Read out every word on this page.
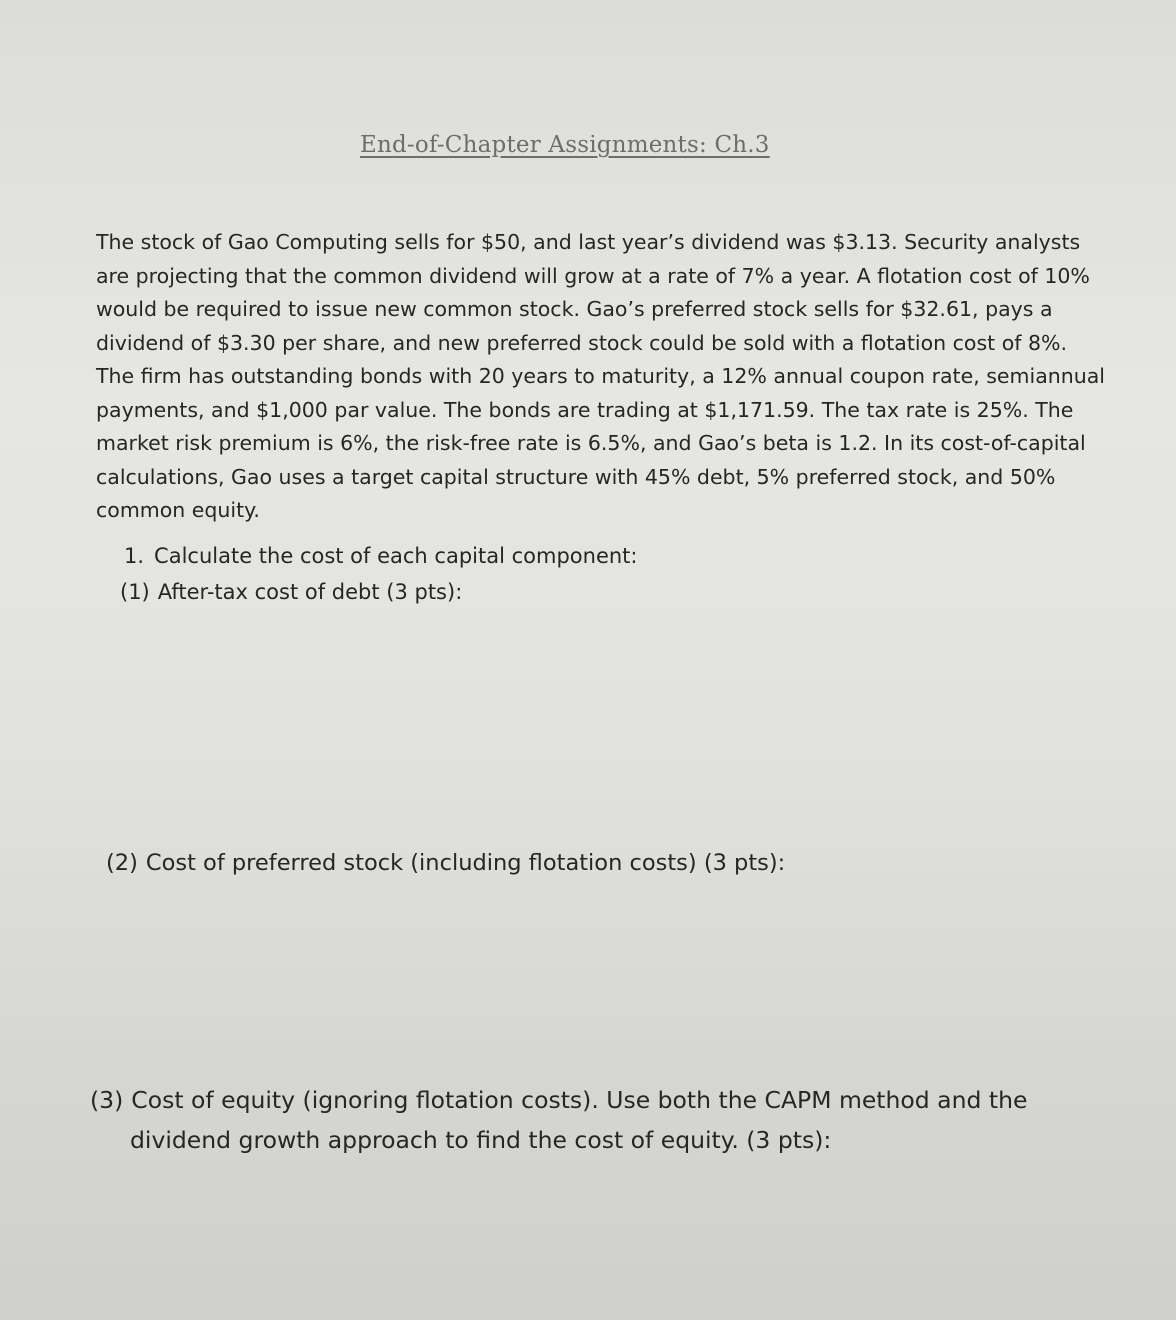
End-of-Chapter Assignments: Ch.3

The stock of Gao Computing sells for $50, and last year’s dividend was $3.13. Security analysts are projecting that the common dividend will grow at a rate of 7% a year. A flotation cost of 10% would be required to issue new common stock. Gao’s preferred stock sells for $32.61, pays a dividend of $3.30 per share, and new preferred stock could be sold with a flotation cost of 8%. The firm has outstanding bonds with 20 years to maturity, a 12% annual coupon rate, semiannual payments, and $1,000 par value. The bonds are trading at $1,171.59. The tax rate is 25%. The market risk premium is 6%, the risk-free rate is 6.5%, and Gao’s beta is 1.2. In its cost-of-capital calculations, Gao uses a target capital structure with 45% debt, 5% preferred stock, and 50% common equity.

1. Calculate the cost of each capital component:
(1) After-tax cost of debt (3 pts):
(2) Cost of preferred stock (including flotation costs) (3 pts):
(3) Cost of equity (ignoring flotation costs). Use both the CAPM method and the
dividend growth approach to find the cost of equity. (3 pts):
